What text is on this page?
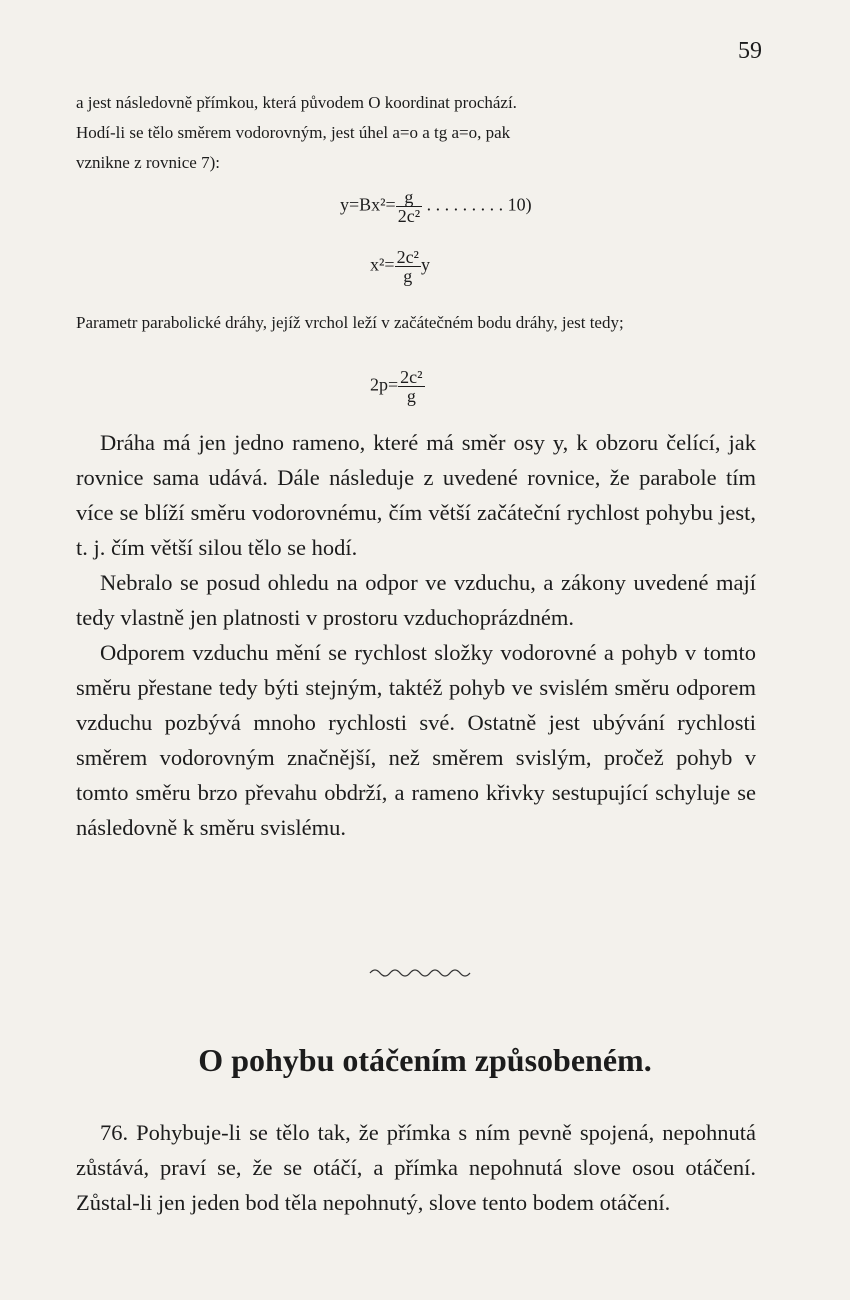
59
a jest následovně přímkou, která původem O koordinat prochází.
Hodí-li se tělo směrem vodorovným, jest úhel a=o a tg a=o, pak
vznikne z rovnice 7):
$y=Bx^2= \frac{g}{\text{2c²}}$ . . . . . . . . . 10)
$x^2= \frac{\text{2c²}}{g}$ y
Parametr parabolické dráhy, jejíž vrchol leží v začátečném bodu dráhy, jest tedy;
$2p= \frac{\text{2c²}}{g}$

Dráha má jen jedno rameno, které má směr osy y, k obzoru čelící, jak rovnice sama udává. Dále následuje z uvedené rovnice, že parabole tím více se blíží směru vodorovnému, čím větší začáteční rychlost pohybu jest, t. j. čím větší silou tělo se hodí.

Nebralo se posud ohledu na odpor ve vzduchu, a zákony uvedené mají tedy vlastně jen platnosti v prostoru vzduchoprázdném.

Odporem vzduchu mění se rychlost složky vodorovné a pohyb v tomto směru přestane tedy býti stejným, taktéž pohyb ve svislém směru odporem vzduchu pozbývá mnoho rychlosti své. Ostatně jest ubývání rychlosti směrem vodorovným značnější, než směrem svislým, pročež pohyb v tomto směru brzo převahu obdrží, a rameno křivky sestupující schyluje se následovně k směru svislému.

O pohybu otáčením způsobeném.

76. Pohybuje-li se tělo tak, že přímka s ním pevně spojená, nepohnutá zůstává, praví se, že se otáčí, a přímka nepohnutá slove osou otáčení. Zůstal-li jen jeden bod těla nepohnutý, slove tento bodem otáčení.
